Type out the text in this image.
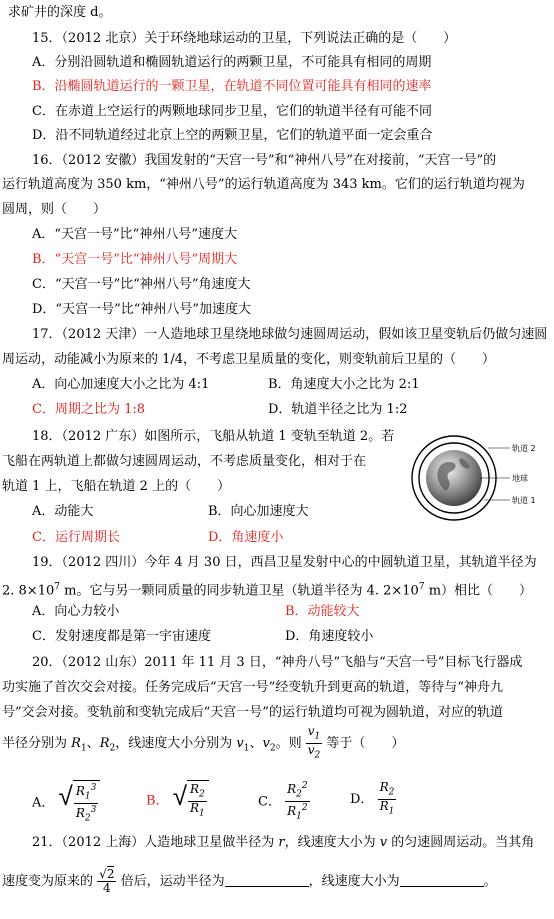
求矿井的深度 d。
15．（2012 北京）关于环绕地球运动的卫星，下列说法正确的是（　　）
A．分别沿圆轨道和椭圆轨道运行的两颗卫星，不可能具有相同的周期
B．沿椭圆轨道运行的一颗卫星，在轨道不同位置可能具有相同的速率
C．在赤道上空运行的两颗地球同步卫星，它们的轨道半径有可能不同
D．沿不同轨道经过北京上空的两颗卫星，它们的轨道平面一定会重合
16．（2012 安徽）我国发射的“天宫一号”和“神州八号”在对接前，“天宫一号”的
运行轨道高度为 350 km，“神州八号”的运行轨道高度为 343 km。它们的运行轨道均视为
圆周，则（　　）
A．“天宫一号”比“神州八号”速度大
B．“天宫一号”比“神州八号”周期大
C．“天宫一号”比“神州八号”角速度大
D．“天宫一号”比“神州八号”加速度大
17．（2012 天津）一人造地球卫星绕地球做匀速圆周运动，假如该卫星变轨后仍做匀速圆
周运动，动能减小为原来的 1/4，不考虑卫星质量的变化，则变轨前后卫星的（　　）
A．向心加速度大小之比为 4:1	B．角速度大小之比为 2:1
C．周期之比为 1:8	D．轨道半径之比为 1:2
18．（2012 广东）如图所示，飞船从轨道 1 变轨至轨道 2。若
飞船在两轨道上都做匀速圆周运动，不考虑质量变化，相对于在
轨道 1 上，飞船在轨道 2 上的（　　）
A．动能大	B．向心加速度大
C．运行周期长	D．角速度小
轨道 2
地球
轨道 1
19．（2012 四川）今年 4 月 30 日，西昌卫星发射中心的中圆轨道卫星，其轨道半径为
2. $8\times 10^7$ m。它与另一颗同质量的同步轨道卫星（轨道半径为 4. $2\times 10^7$ m）相比（　　）
A．向心力较小	B．动能较大
C．发射速度都是第一宇宙速度	D．角速度较小
20．（2012 山东）2011 年 11 月 3 日，“神舟八号”飞船与“天宫一号”目标飞行器成
功实施了首次交会对接。任务完成后“天宫一号”经变轨升到更高的轨道，等待与“神舟九
号”交会对接。变轨前和变轨完成后“天宫一号”的运行轨道均可视为圆轨道，对应的轨道
半径分别为 $R_1$、$R_2$，线速度大小分别为 $v_1$、$v_2$。则 $\frac{v_1}{v_2}$ 等于（　　）
A． √ $\frac{R_1^3}{R_2^3}$	B． √ $\frac{R_2}{R_1}$	C． $\frac{R_2^2}{R_1^2}$	D． $\frac{R_2}{R_1}$
21．（2012 上海）人造地球卫星做半径为 r，线速度大小为 v 的匀速圆周运动。当其角
速度变为原来的 $\frac{√2}{4}$ 倍后，运动半径为	，线速度大小为	。
